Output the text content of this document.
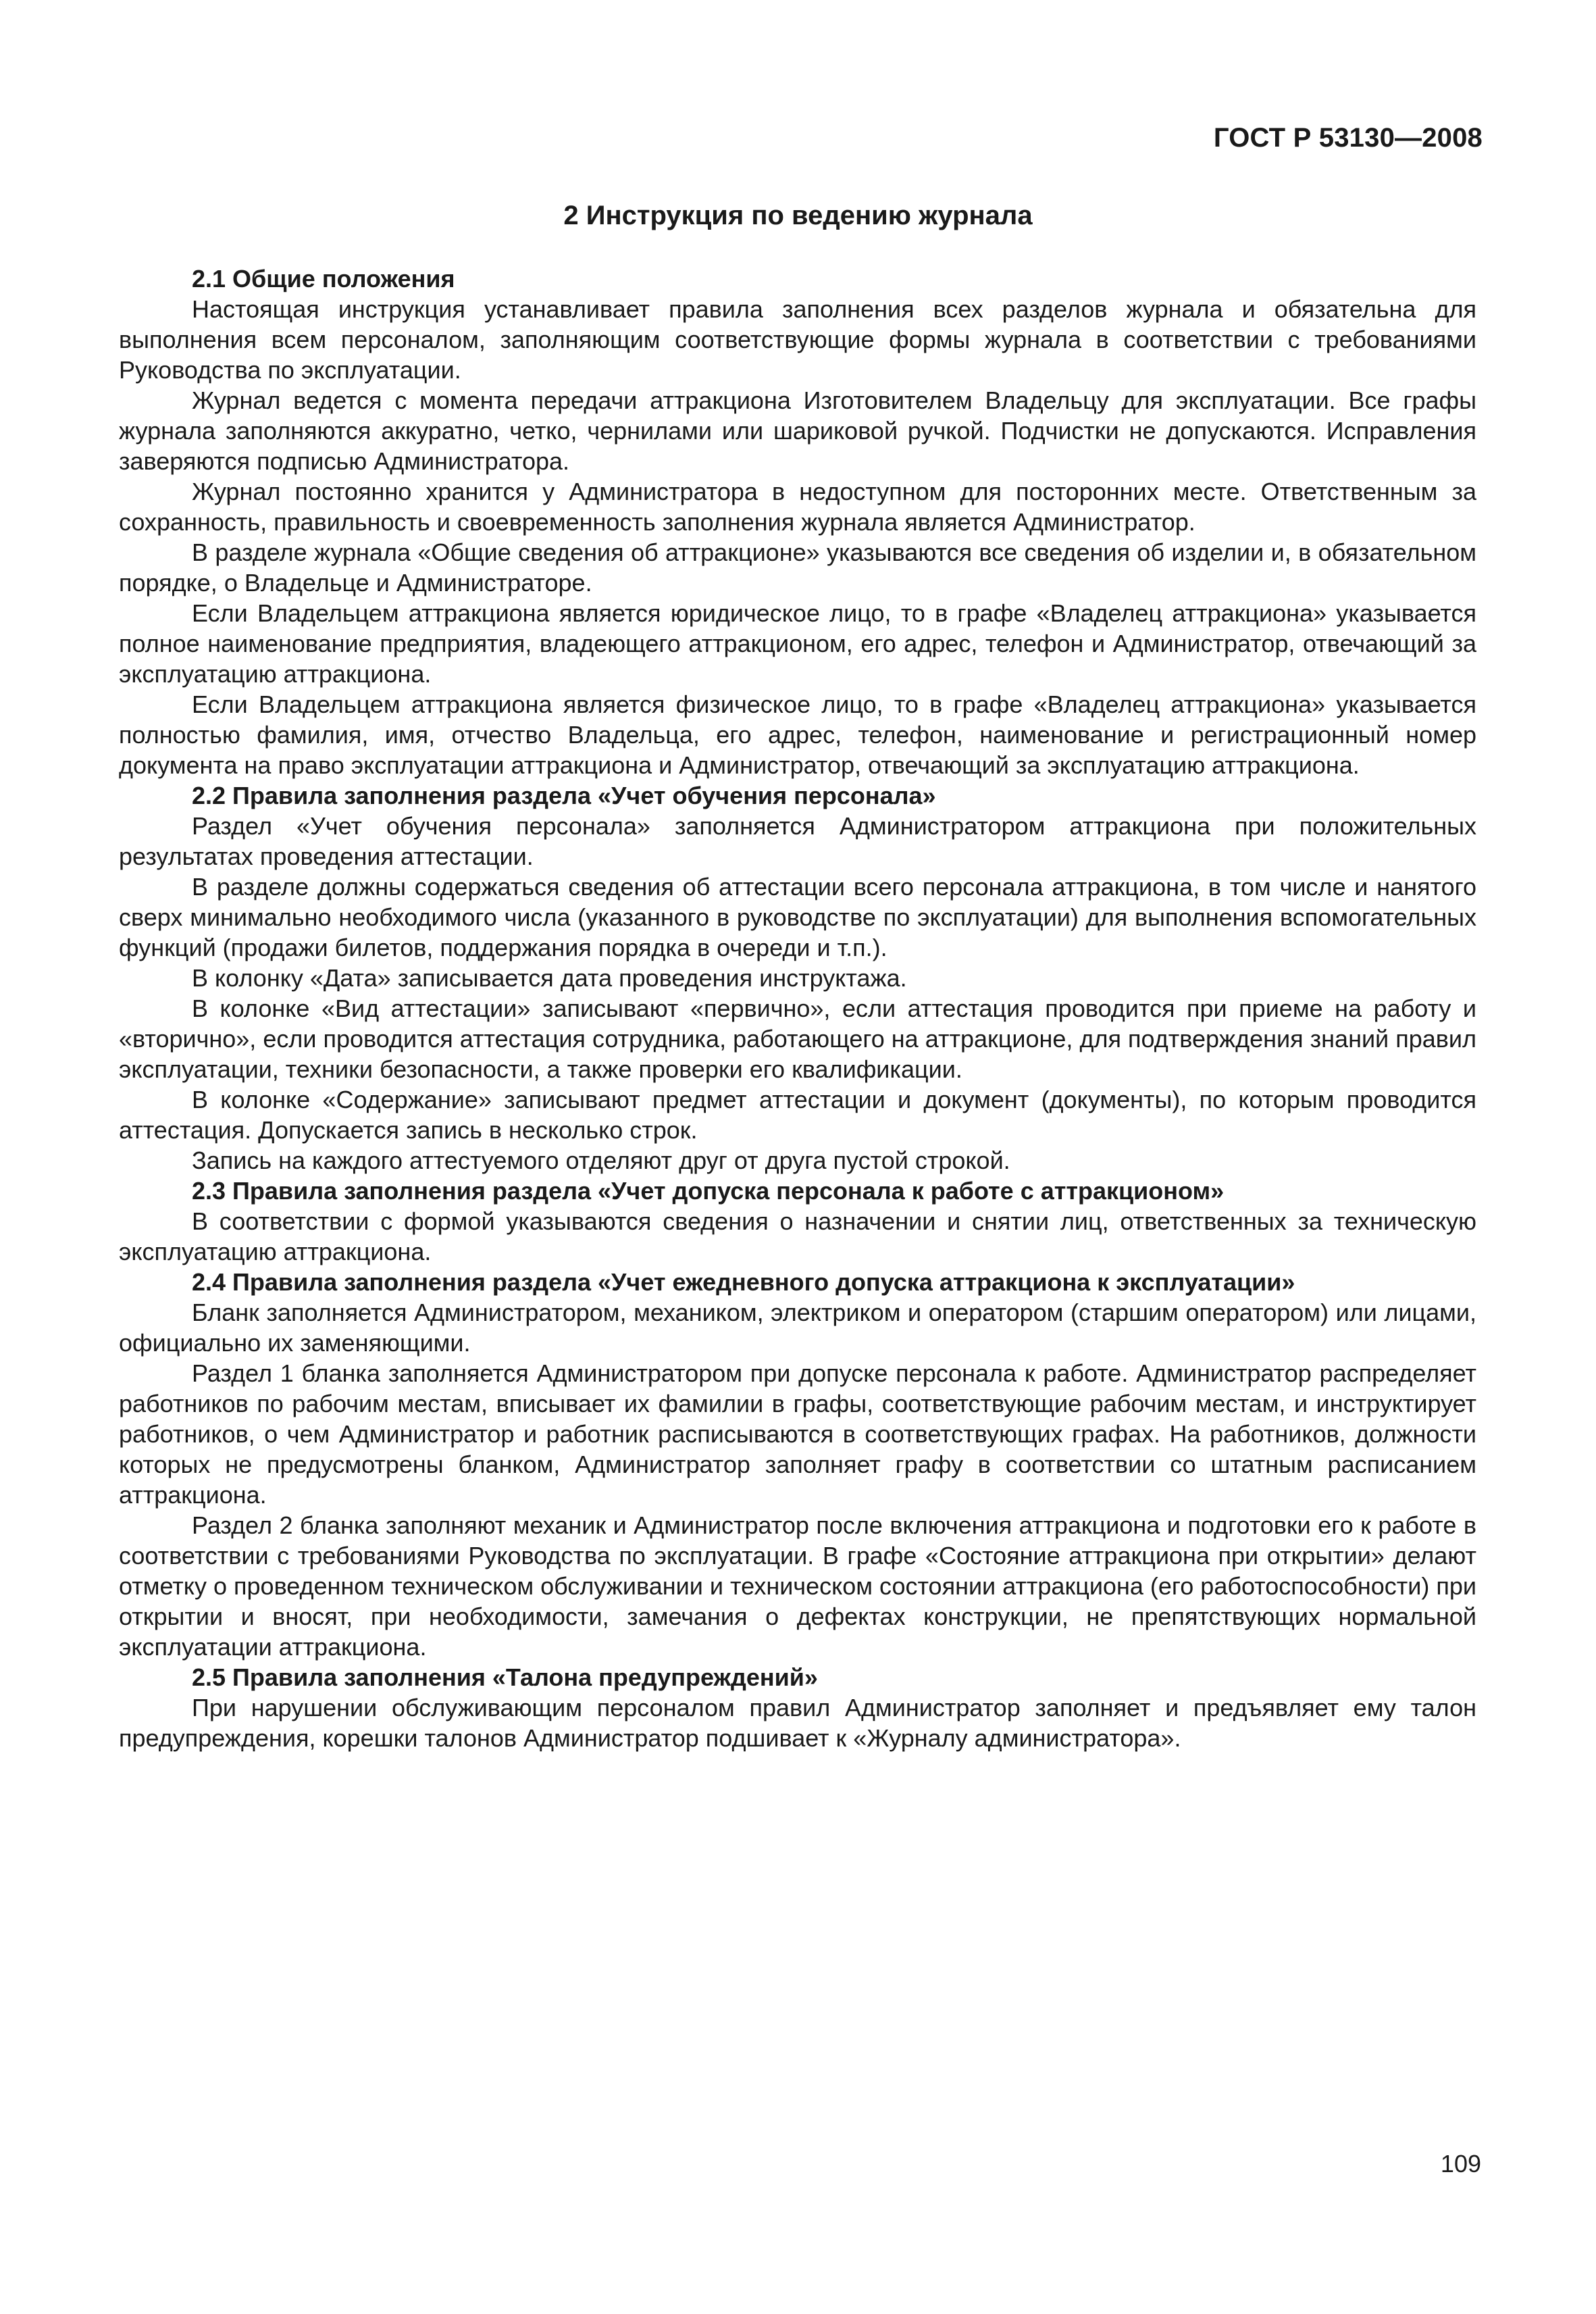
ГОСТ Р 53130—2008
2 Инструкция по ведению журнала
2.1 Общие положения

Настоящая инструкция устанавливает правила заполнения всех разделов журнала и обязательна для выполнения всем персоналом, заполняющим соответствующие формы журнала в соответствии с требованиями Руководства по эксплуатации.

Журнал ведется с момента передачи аттракциона Изготовителем Владельцу для эксплуатации. Все графы журнала заполняются аккуратно, четко, чернилами или шариковой ручкой. Подчистки не допускаются. Исправления заверяются подписью Администратора.

Журнал постоянно хранится у Администратора в недоступном для посторонних месте. Ответственным за сохранность, правильность и своевременность заполнения журнала является Администратор.

В разделе журнала «Общие сведения об аттракционе» указываются все сведения об изделии и, в обязательном порядке, о Владельце и Администраторе.

Если Владельцем аттракциона является юридическое лицо, то в графе «Владелец аттракциона» указывается полное наименование предприятия, владеющего аттракционом, его адрес, телефон и Администратор, отвечающий за эксплуатацию аттракциона.

Если Владельцем аттракциона является физическое лицо, то в графе «Владелец аттракциона» указывается полностью фамилия, имя, отчество Владельца, его адрес, телефон, наименование и регистрационный номер документа на право эксплуатации аттракциона и Администратор, отвечающий за эксплуатацию аттракциона.

2.2 Правила заполнения раздела «Учет обучения персонала»

Раздел «Учет обучения персонала» заполняется Администратором аттракциона при положительных результатах проведения аттестации.

В разделе должны содержаться сведения об аттестации всего персонала аттракциона, в том числе и нанятого сверх минимально необходимого числа (указанного в руководстве по эксплуатации) для выполнения вспомогательных функций (продажи билетов, поддержания порядка в очереди и т.п.).

В колонку «Дата» записывается дата проведения инструктажа.

В колонке «Вид аттестации» записывают «первично», если аттестация проводится при приеме на работу и «вторично», если проводится аттестация сотрудника, работающего на аттракционе, для подтверждения знаний правил эксплуатации, техники безопасности, а также проверки его квалификации.

В колонке «Содержание» записывают предмет аттестации и документ (документы), по которым проводится аттестация. Допускается запись в несколько строк.

Запись на каждого аттестуемого отделяют друг от друга пустой строкой.

2.3 Правила заполнения раздела «Учет допуска персонала к работе с аттракционом»

В соответствии с формой указываются сведения о назначении и снятии лиц, ответственных за техническую эксплуатацию аттракциона.

2.4 Правила заполнения раздела «Учет ежедневного допуска аттракциона к эксплуатации»

Бланк заполняется Администратором, механиком, электриком и оператором (старшим оператором) или лицами, официально их заменяющими.

Раздел 1 бланка заполняется Администратором при допуске персонала к работе. Администратор распределяет работников по рабочим местам, вписывает их фамилии в графы, соответствующие рабочим местам, и инструктирует работников, о чем Администратор и работник расписываются в соответствующих графах. На работников, должности которых не предусмотрены бланком, Администратор заполняет графу в соответствии со штатным расписанием аттракциона.

Раздел 2 бланка заполняют механик и Администратор после включения аттракциона и подготовки его к работе в соответствии с требованиями Руководства по эксплуатации. В графе «Состояние аттракциона при открытии» делают отметку о проведенном техническом обслуживании и техническом состоянии аттракциона (его работоспособности) при открытии и вносят, при необходимости, замечания о дефектах конструкции, не препятствующих нормальной эксплуатации аттракциона.

2.5 Правила заполнения «Талона предупреждений»

При нарушении обслуживающим персоналом правил Администратор заполняет и предъявляет ему талон предупреждения, корешки талонов Администратор подшивает к «Журналу администратора».

109
